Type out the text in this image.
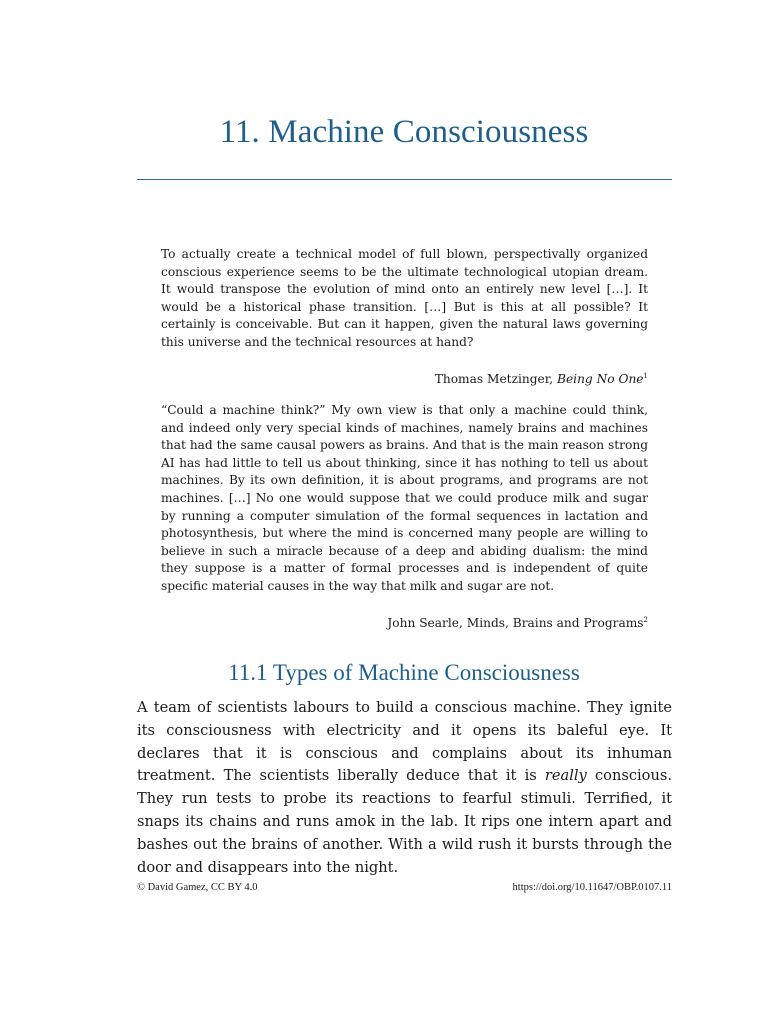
11. Machine Consciousness

To actually create a technical model of full blown, perspectivally organized conscious experience seems to be the ultimate technological utopian dream. It would transpose the evolution of mind onto an entirely new level […]. It would be a historical phase transition. […] But is this at all possible? It certainly is conceivable. But can it happen, given the natural laws governing this universe and the technical resources at hand?

Thomas Metzinger, Being No One$^1$

“Could a machine think?” My own view is that only a machine could think, and indeed only very special kinds of machines, namely brains and machines that had the same causal powers as brains. And that is the main reason strong AI has had little to tell us about thinking, since it has nothing to tell us about machines. By its own definition, it is about programs, and programs are not machines. […] No one would suppose that we could produce milk and sugar by running a computer simulation of the formal sequences in lactation and photosynthesis, but where the mind is concerned many people are willing to believe in such a miracle because of a deep and abiding dualism: the mind they suppose is a matter of formal processes and is independent of quite specific material causes in the way that milk and sugar are not.

John Searle, Minds, Brains and Programs$^2$

11.1 Types of Machine Consciousness

A team of scientists labours to build a conscious machine. They ignite its consciousness with electricity and it opens its baleful eye. It declares that it is conscious and complains about its inhuman treatment. The scientists liberally deduce that it is really conscious. They run tests to probe its reactions to fearful stimuli. Terrified, it snaps its chains and runs amok in the lab. It rips one intern apart and bashes out the brains of another. With a wild rush it bursts through the door and disappears into the night.

© David Gamez, CC BY 4.0	https://doi.org/10.11647/OBP.0107.11
